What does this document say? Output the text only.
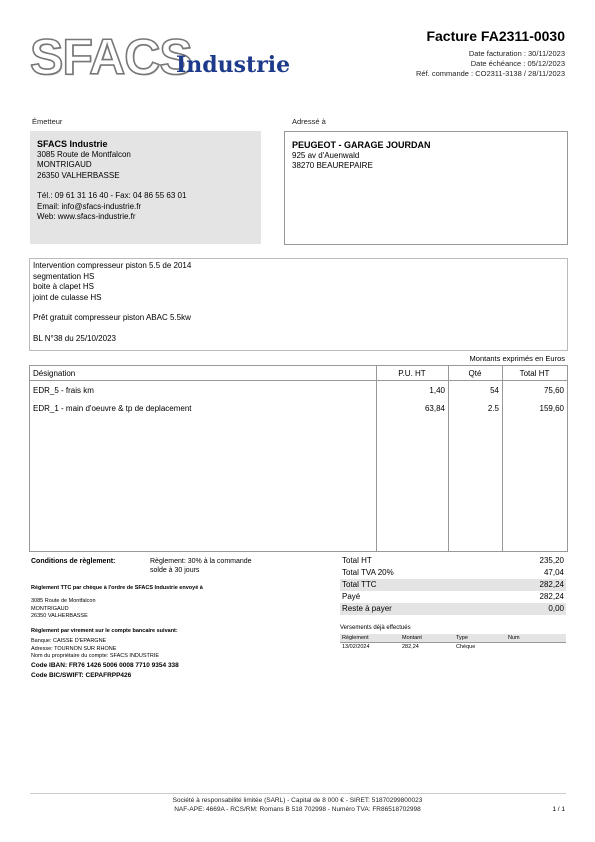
SFACS
Industrie
Facture FA2311-0030
Date facturation : 30/11/2023
Date échéance : 05/12/2023
Réf. commande : CO2311-3138 / 28/11/2023
Émetteur	Adressé à
SFACS Industrie
3085 Route de Montfalcon
MONTRIGAUD
26350 VALHERBASSE
Tél.: 09 61 31 16 40 - Fax: 04 86 55 63 01
Email: info@sfacs-industrie.fr
Web: www.sfacs-industrie.fr
PEUGEOT - GARAGE JOURDAN
925 av d'Auenwald
38270 BEAUREPAIRE
Intervention compresseur piston 5.5 de 2014
segmentation HS
boite à clapet HS
joint de culasse HS
Prêt gratuit compresseur piston ABAC 5.5kw
BL N°38 du 25/10/2023
Montants exprimés en Euros
Désignation	P.U. HT	Qté	Total HT
EDR_5 - frais km	1,40	54	75,60
EDR_1 - main d'oeuvre & tp de deplacement	63,84	2.5	159,60
Conditions de règlement:	Règlement: 30% à la commande
solde à 30 jours
Règlement TTC par chèque à l'ordre de SFACS Industrie envoyé à
3085 Route de Montfalcon
MONTRIGAUD
26350 VALHERBASSE
Règlement par virement sur le compte bancaire suivant:
Banque: CAISSE D'EPARGNE
Adresse: TOURNON SUR RHONE
Nom du propriétaire du compte: SFACS INDUSTRIE
Code IBAN: FR76 1426 5006 0008 7710 9354 338
Code BIC/SWIFT: CEPAFRPP426
Total HT	235,20
Total TVA 20%	47,04
Total TTC	282,24
Payé	282,24
Reste à payer	0,00
Versements déjà effectués
Règlement	Montant	Type	Num
13/02/2024	282,24	Chèque	
Société à responsabilité limitée (SARL) - Capital de 8 000 € - SIRET: 51870299800023
NAF-APE: 4669A - RCS/RM: Romans B 518 702998 - Numéro TVA: FR86518702998	1 / 1
